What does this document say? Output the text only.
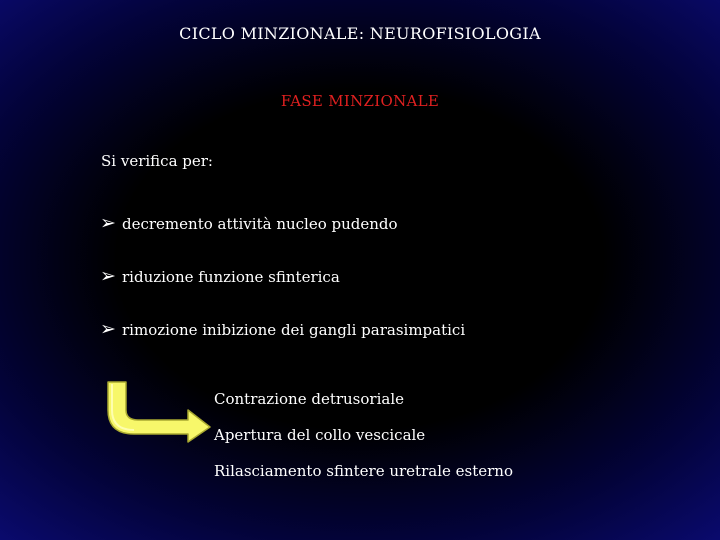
CICLO MINZIONALE: NEUROFISIOLOGIA
FASE MINZIONALE
Si verifica per:
➢ decremento attività nucleo pudendo
➢ riduzione funzione sfinterica
➢ rimozione inibizione dei gangli parasimpatici
Contrazione detrusoriale
Apertura del collo vescicale
Rilasciamento sfintere uretrale esterno
